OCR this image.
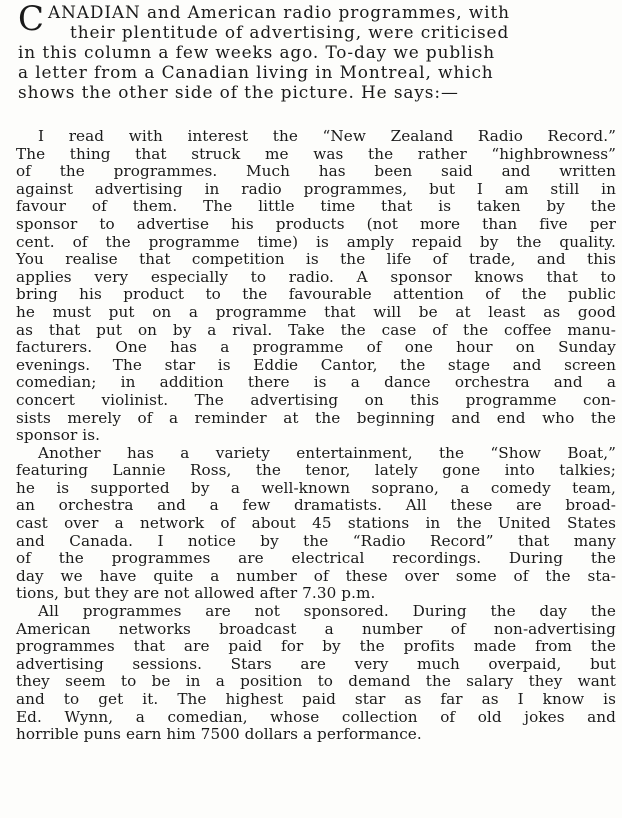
C ANADIAN and American radio programmes, with
their plentitude of advertising, were criticised
in this column a few weeks ago. To-day we publish
a letter from a Canadian living in Montreal, which
shows the other side of the picture. He says:—
I read with interest the “New Zealand Radio Record.”
The thing that struck me was the rather “highbrowness”
of the programmes. Much has been said and written
against advertising in radio programmes, but I am still in
favour of them. The little time that is taken by the
sponsor to advertise his products (not more than five per
cent. of the programme time) is amply repaid by the quality.
You realise that competition is the life of trade, and this
applies very especially to radio. A sponsor knows that to
bring his product to the favourable attention of the public
he must put on a programme that will be at least as good
as that put on by a rival. Take the case of the coffee manu-
facturers. One has a programme of one hour on Sunday
evenings. The star is Eddie Cantor, the stage and screen
comedian; in addition there is a dance orchestra and a
concert violinist. The advertising on this programme con-
sists merely of a reminder at the beginning and end who the
sponsor is.
Another has a variety entertainment, the “Show Boat,”
featuring Lannie Ross, the tenor, lately gone into talkies;
he is supported by a well-known soprano, a comedy team,
an orchestra and a few dramatists. All these are broad-
cast over a network of about 45 stations in the United States
and Canada. I notice by the “Radio Record” that many
of the programmes are electrical recordings. During the
day we have quite a number of these over some of the sta-
tions, but they are not allowed after 7.30 p.m.
All programmes are not sponsored. During the day the
American networks broadcast a number of non-advertising
programmes that are paid for by the profits made from the
advertising sessions. Stars are very much overpaid, but
they seem to be in a position to demand the salary they want
and to get it. The highest paid star as far as I know is
Ed. Wynn, a comedian, whose collection of old jokes and
horrible puns earn him 7500 dollars a performance.
